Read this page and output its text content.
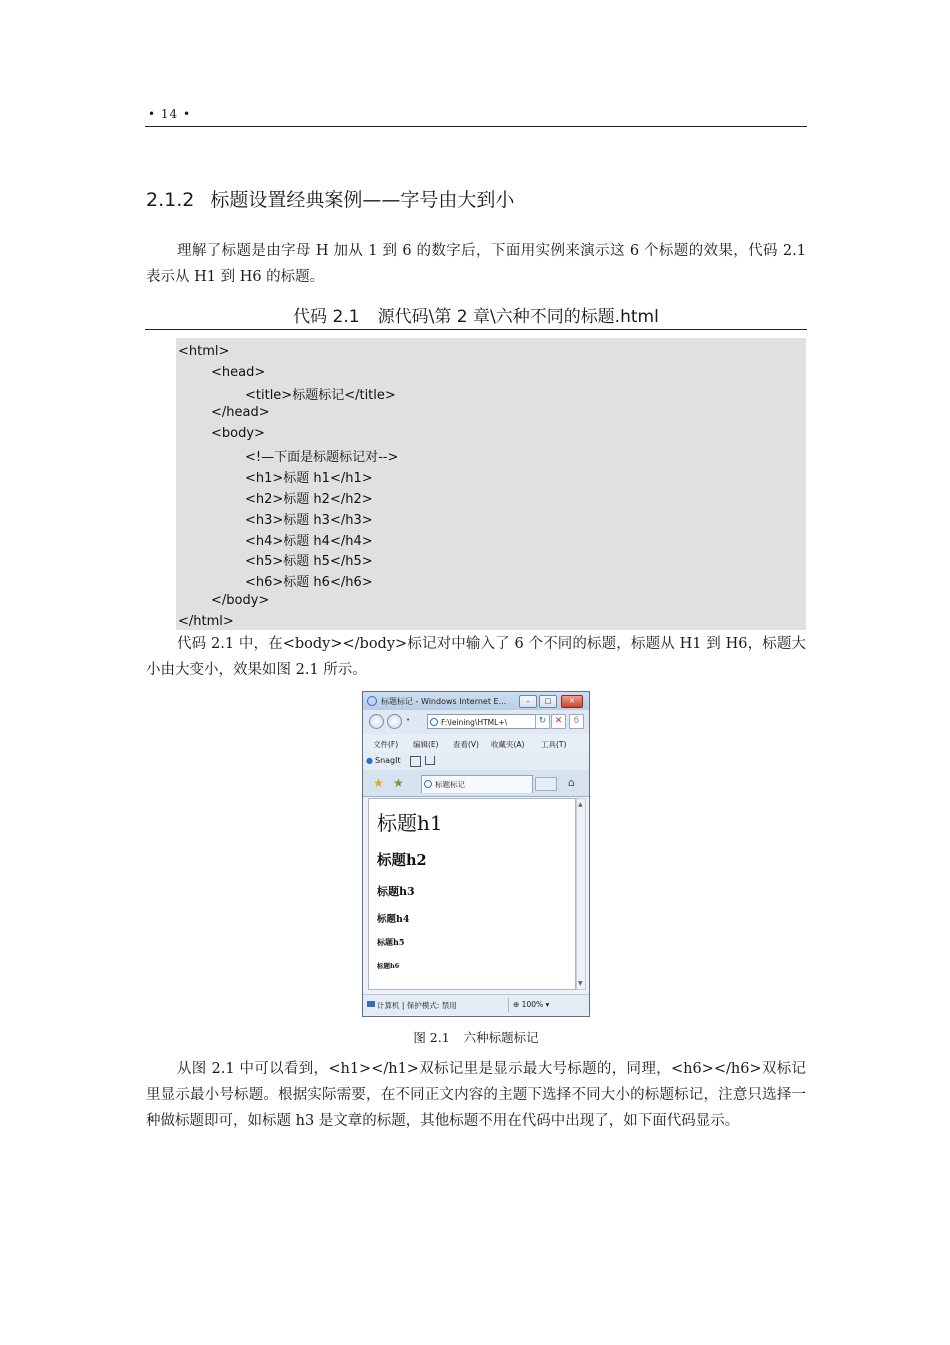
• 14 •
2.1.2 标题设置经典案例——字号由大到小

理解了标题是由字母 H 加从 1 到 6 的数字后，下面用实例来演示这 6 个标题的效果，代码 2.1 表示从 H1 到 H6 的标题。

代码 2.1 源代码\第 2 章\六种不同的标题.html
<html>
<head>
<title>标题标记</title>
</head>
<body>
<!—下面是标题标记对-->
<h1>标题 h1</h1>
<h2>标题 h2</h2>
<h3>标题 h3</h3>
<h4>标题 h4</h4>
<h5>标题 h5</h5>
<h6>标题 h6</h6>
</body>
</html>

代码 2.1 中，在<body></body>标记对中输入了 6 个不同的标题，标题从 H1 到 H6，标题大小由大变小，效果如图 2.1 所示。

标题标记 - Windows Internet E...	–	□	✕
•	F:\leining\HTML+\	↻ ✕	ϭ
文件(F) 编辑(E) 查看(V) 收藏夹(A) 工具(T)
● SnagIt
★ ★	标题标记	⌂
标题h1
标题h2
标题h3
标题h4
标题h5
标题h6
▲
▼
计算机 | 保护模式: 禁用	⊕ 100% ▾
图 2.1 六种标题标记

从图 2.1 中可以看到，<h1></h1>双标记里是显示最大号标题的，同理，<h6></h6>双标记里显示最小号标题。根据实际需要，在不同正文内容的主题下选择不同大小的标题标记，注意只选择一种做标题即可，如标题 h3 是文章的标题，其他标题不用在代码中出现了，如下面代码显示。
